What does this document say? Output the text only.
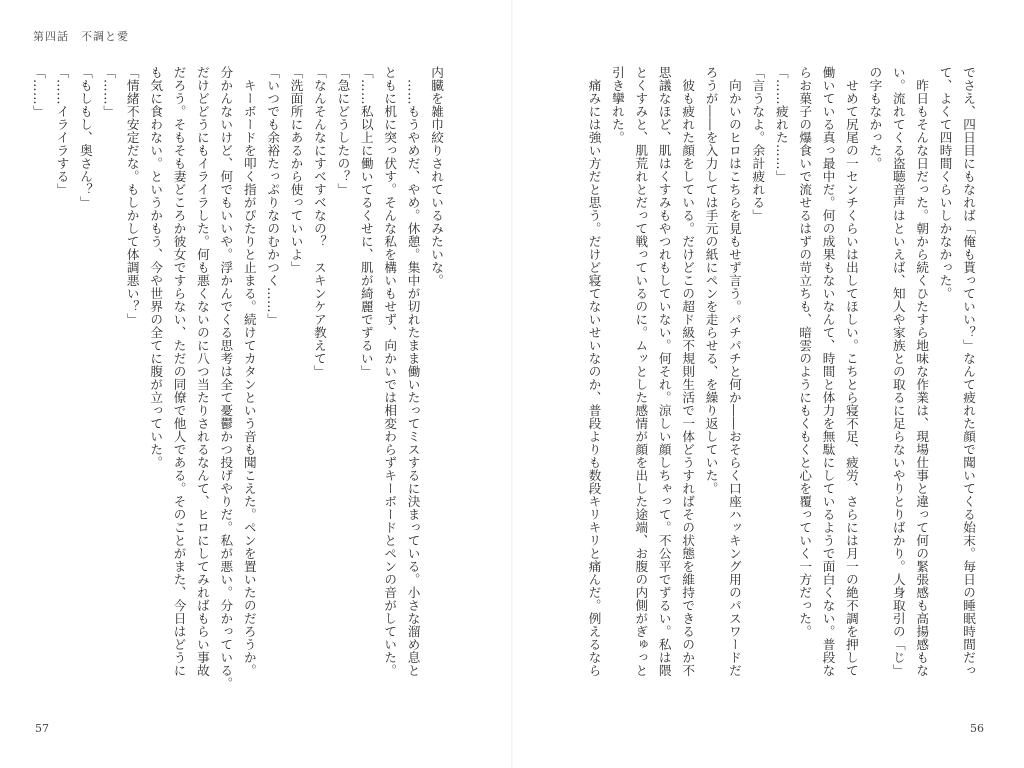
第四話　不調と愛

内臓を雑巾絞りされているみたいな。

　……もうやめだ、やめ。休憩。集中が切れたまま働いたってミスするに決まっている。小さな溜め息と

ともに机に突っ伏す。そんな私を構いもせず、向かいでは相変わらずキーボードとペンの音がしていた。

「……私以上に働いてるくせに、肌が綺麗でずるい」

「急にどうしたの？」

「なんそんなにすべすべなの？　スキンケア教えて」

「洗面所にあるから使っていいよ」

「いつでも余裕たっぷりなのむかつく……」

　キーボードを叩く指がぴたりと止まる。続けてカタンという音も聞こえた。ペンを置いたのだろうか。

分かんないけど、何でもいいや。浮かんでくる思考は全て憂鬱かつ投げやりだ。私が悪い。分かっている。

だけどどうにもイライラした。何も悪くないのに八つ当たりされるなんて、ヒロにしてみればもらい事故

だろう。そもそも妻どころか彼女ですらない、ただの同僚で他人である。そのことがまた、今日はどうに

も気に食わない。というかもう、今や世界の全てに腹が立っていた。

「情緒不安定だな。もしかして体調悪い？」

「……」

「もしもし、奥さん？」

「……イライラする」

「……」

57

でさえ、四日目にもなれば「俺も貰っていい？」なんて疲れた顔で聞いてくる始末。毎日の睡眠時間だっ

て、よくて四時間くらいしかなかった。

　昨日もそんな日だった。朝から続くひたすら地味な作業は、現場仕事と違って何の緊張感も高揚感もな

い。流れてくる盗聴音声はといえば、知人や家族との取るに足らないやりとりばかり。人身取引の「じ」

の字もなかった。

　せめて尻尾の一センチくらいは出してほしい。こちとら寝不足、疲労、さらには月一の絶不調を押して

働いている真っ最中だ。何の成果もないなんて、時間と体力を無駄にしているようで面白くない。普段な

らお菓子の爆食いで流せるはずの苛立ちも、暗雲のようにもくもくと心を覆っていく一方だった。

「……疲れた……」

「言うなよ。余計疲れる」

　向かいのヒロはこちらを見もせず言う。パチパチと何か――おそらく口座ハッキング用のパスワードだ

ろうが――を入力しては手元の紙にペンを走らせる、を繰り返していた。

　彼も疲れた顔をしている。だけどこの超ド級不規則生活で一体どうすればその状態を維持できるのか不

思議なほど、肌はくすみもやつれもしていない。何それ。涼しい顔しちゃって。不公平でずるい。私は隈

とくすみと、肌荒れとだって戦っているのに。ムッとした感情が顔を出した途端、お腹の内側がぎゅっと

引き攣れた。

　痛みには強い方だと思う。だけど寝てないせいなのか、普段よりも数段キリキリと痛んだ。例えるなら

56
